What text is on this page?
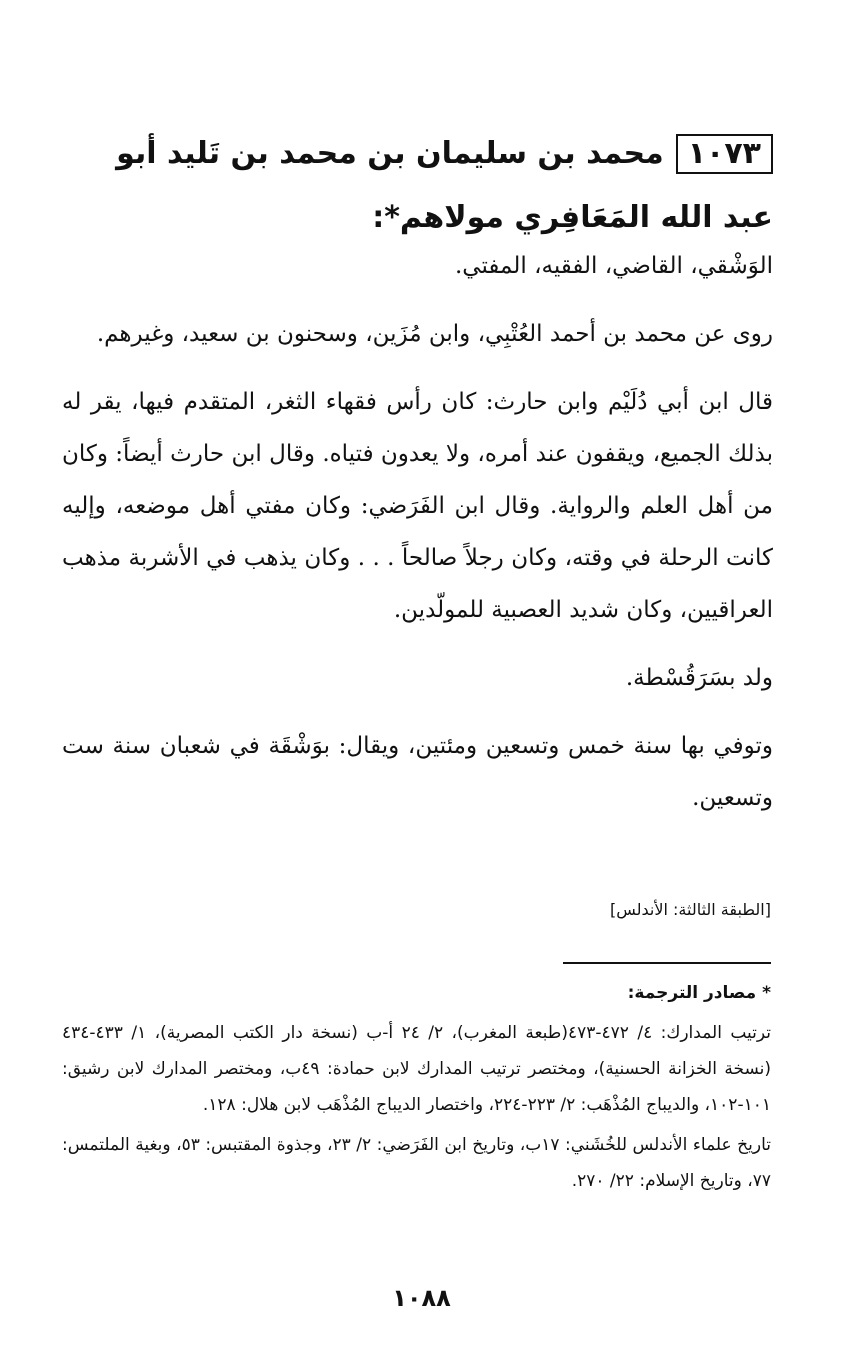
١٠٧٣محمد بن سليمان بن محمد بن تَليد أبو عبد الله المَعَافِري مولاهم*:

الوَشْقي، القاضي، الفقيه، المفتي.

روى عن محمد بن أحمد العُتْبِي، وابن مُزَين، وسحنون بن سعيد، وغيرهم.

قال ابن أبي دُلَيْم وابن حارث: كان رأس فقهاء الثغر، المتقدم فيها، يقر له بذلك الجميع، ويقفون عند أمره، ولا يعدون فتياه. وقال ابن حارث أيضاً: وكان من أهل العلم والرواية. وقال ابن الفَرَضي: وكان مفتي أهل موضعه، وإليه كانت الرحلة في وقته، وكان رجلاً صالحاً . . . وكان يذهب في الأشربة مذهب العراقيين، وكان شديد العصبية للمولّدين.

ولد بسَرَقُسْطة.

وتوفي بها سنة خمس وتسعين ومئتين، ويقال: بوَشْقَة في شعبان سنة ست وتسعين.

[الطبقة الثالثة: الأندلس]

* مصادر الترجمة:

ترتيب المدارك: ٤/ ٤٧٢-٤٧٣(طبعة المغرب)، ٢/ ٢٤ أ-ب (نسخة دار الكتب المصرية)، ١/ ٤٣٣-٤٣٤ (نسخة الخزانة الحسنية)، ومختصر ترتيب المدارك لابن حمادة: ٤٩ب، ومختصر المدارك لابن رشيق: ١٠١-١٠٢، والديباج المُذْهَب: ٢/ ٢٢٣-٢٢٤، واختصار الديباج المُذْهَب لابن هلال: ١٢٨.

تاريخ علماء الأندلس للخُشَني: ١٧ب، وتاريخ ابن الفَرَضي: ٢/ ٢٣، وجذوة المقتبس: ٥٣، وبغية الملتمس: ٧٧، وتاريخ الإسلام: ٢٢/ ٢٧٠.

١٠٨٨
